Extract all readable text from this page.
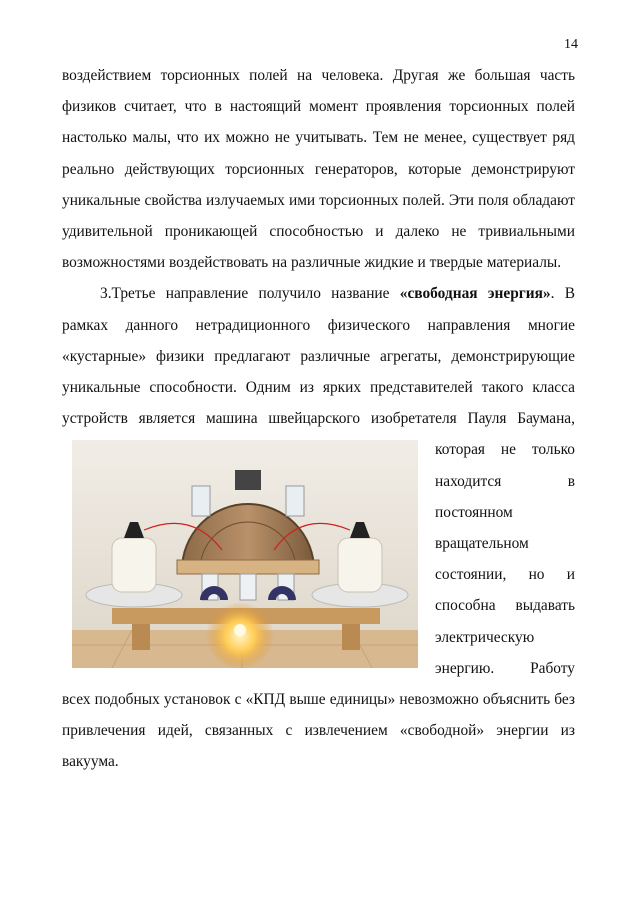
14

воздействием торсионных полей на человека. Другая же большая часть физиков считает, что в настоящий момент проявления торсионных полей настолько малы, что их можно не учитывать. Тем не менее, существует ряд реально действующих торсионных генераторов, которые демонстрируют уникальные свойства излучаемых ими торсионных полей. Эти поля обладают удивительной проникающей способностью и далеко не тривиальными возможностями воздействовать на различные жидкие и твердые материалы.

3.Третье направление получило название «свободная энергия». В рамках данного нетрадиционного физического направления многие «кустарные» физики предлагают различные агрегаты, демонстрирующие уникальные способности. Одним из ярких представителей такого класса устройств является машина швейцарского изобретателя Пауля Баумана, которая не только
находится в постоянном вращательном состоянии, но и способна выдавать электрическую энергию. Работу всех подобных установок с «КПД выше единицы» невозможно объяснить без привлечения идей, связанных с извлечением «свободной» энергии из вакуума.
